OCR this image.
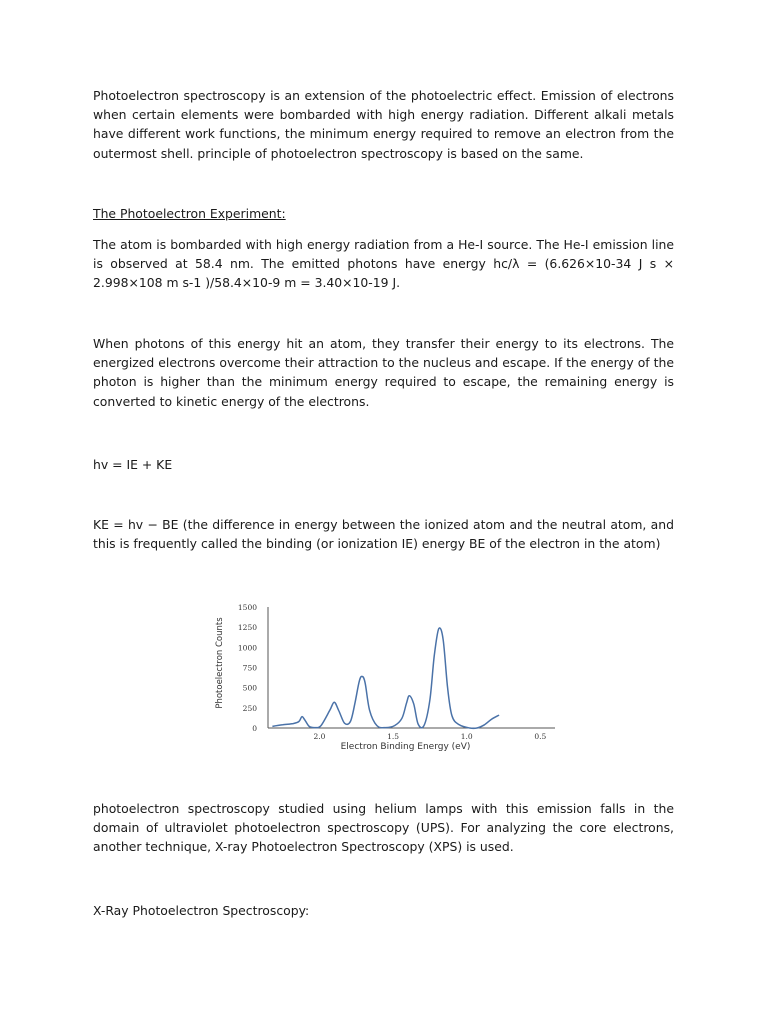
Photoelectron spectroscopy is an extension of the photoelectric effect. Emission of electrons when certain elements were bombarded with high energy radiation. Different alkali metals have different work functions, the minimum energy required to remove an electron from the outermost shell. principle of photoelectron spectroscopy is based on the same.

The Photoelectron Experiment:

The atom is bombarded with high energy radiation from a He-I source. The He-I emission line is observed at 58.4 nm. The emitted photons have energy hc/λ = (6.626×10-34 J s × 2.998×108 m s-1 )/58.4×10-9 m = 3.40×10-19 J.

When photons of this energy hit an atom, they transfer their energy to its electrons. The energized electrons overcome their attraction to the nucleus and escape. If the energy of the photon is higher than the minimum energy required to escape, the remaining energy is converted to kinetic energy of the electrons.

hv = IE + KE

KE = hv − BE (the difference in energy between the ionized atom and the neutral atom, and this is frequently called the binding (or ionization IE) energy BE of the electron in the atom)

photoelectron spectroscopy studied using helium lamps with this emission falls in the domain of ultraviolet photoelectron spectroscopy (UPS). For analyzing the core electrons, another technique, X-ray Photoelectron Spectroscopy (XPS) is used.

X-Ray Photoelectron Spectroscopy:

0
250
500
750
1000
1250
1500
2.0	1.5	1.0	0.5
Electron Binding Energy (eV)
Photoelectron Counts
